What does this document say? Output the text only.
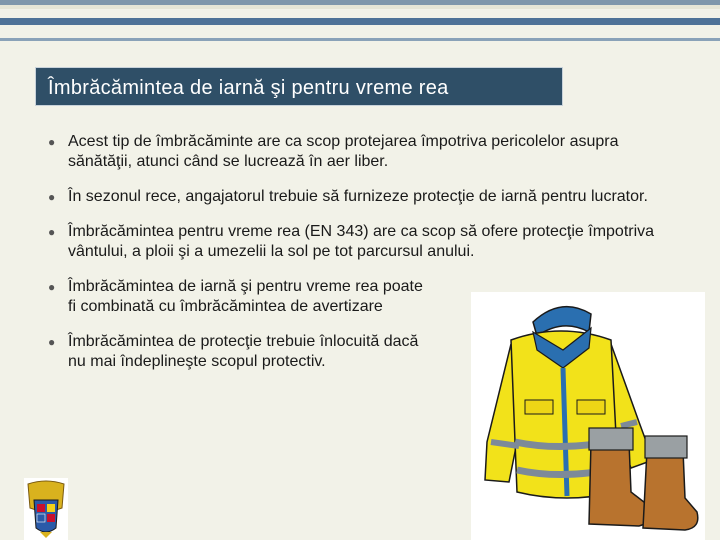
Îmbrăcămintea de iarnă şi pentru vreme rea
● Acest tip de îmbrăcăminte are ca scop protejarea împotriva pericolelor asupra sănătăţii, atunci când se lucrează în aer liber.
● În sezonul rece, angajatorul trebuie să furnizeze protecţie de iarnă pentru lucrator.
● Îmbrăcămintea pentru vreme rea (EN 343) are ca scop să ofere protecţie împotriva vântului, a ploii şi a umezelii la sol pe tot parcursul anului.
● Îmbrăcămintea de iarnă şi pentru vreme rea poate fi combinată cu îmbrăcămintea de avertizare
● Îmbrăcămintea de protecţie trebuie înlocuită dacă nu mai îndeplineşte scopul protectiv.
